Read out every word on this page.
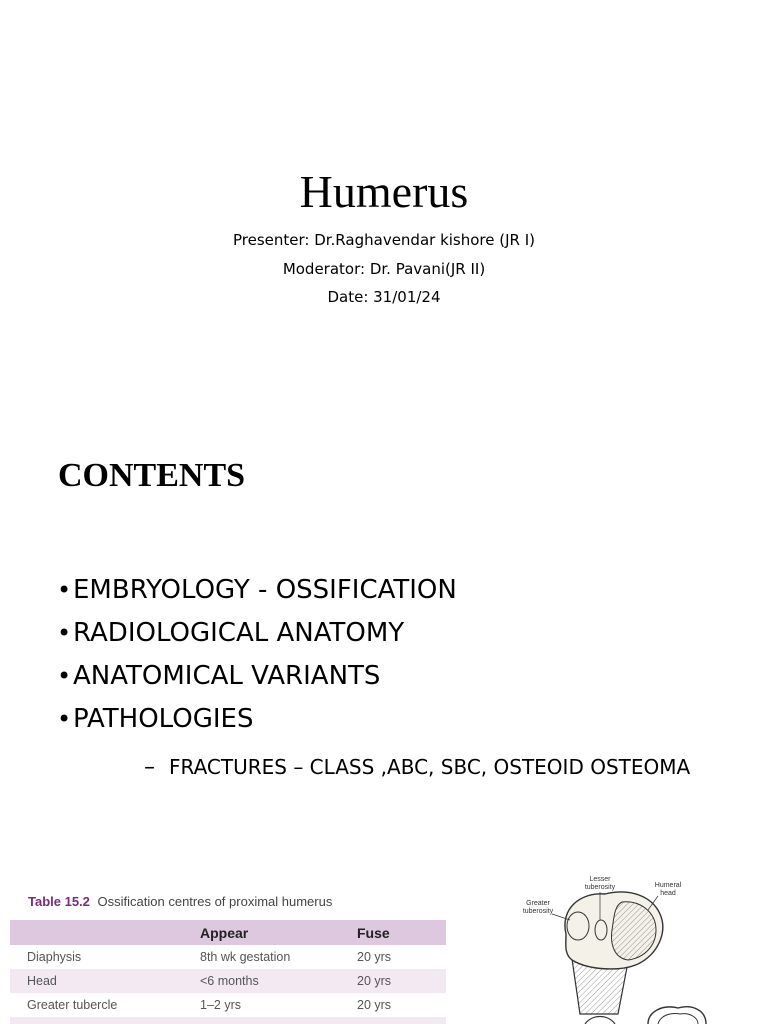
Humerus
Presenter: Dr.Raghavendar kishore (JR I)
Moderator: Dr. Pavani(JR II)
Date: 31/01/24
CONTENTS
• EMBRYOLOGY - OSSIFICATION
• RADIOLOGICAL ANATOMY
• ANATOMICAL VARIANTS
• PATHOLOGIES
– FRACTURES – CLASS ,ABC, SBC, OSTEOID OSTEOMA
Table 15.2 Ossification centres of proximal humerus
	Appear	Fuse
Diaphysis	8th wk gestation	20 yrs
Head	<6 months	20 yrs
Greater tubercle	1–2 yrs	20 yrs

Lesser tuberosity
Greater tuberosity
Humeral head
